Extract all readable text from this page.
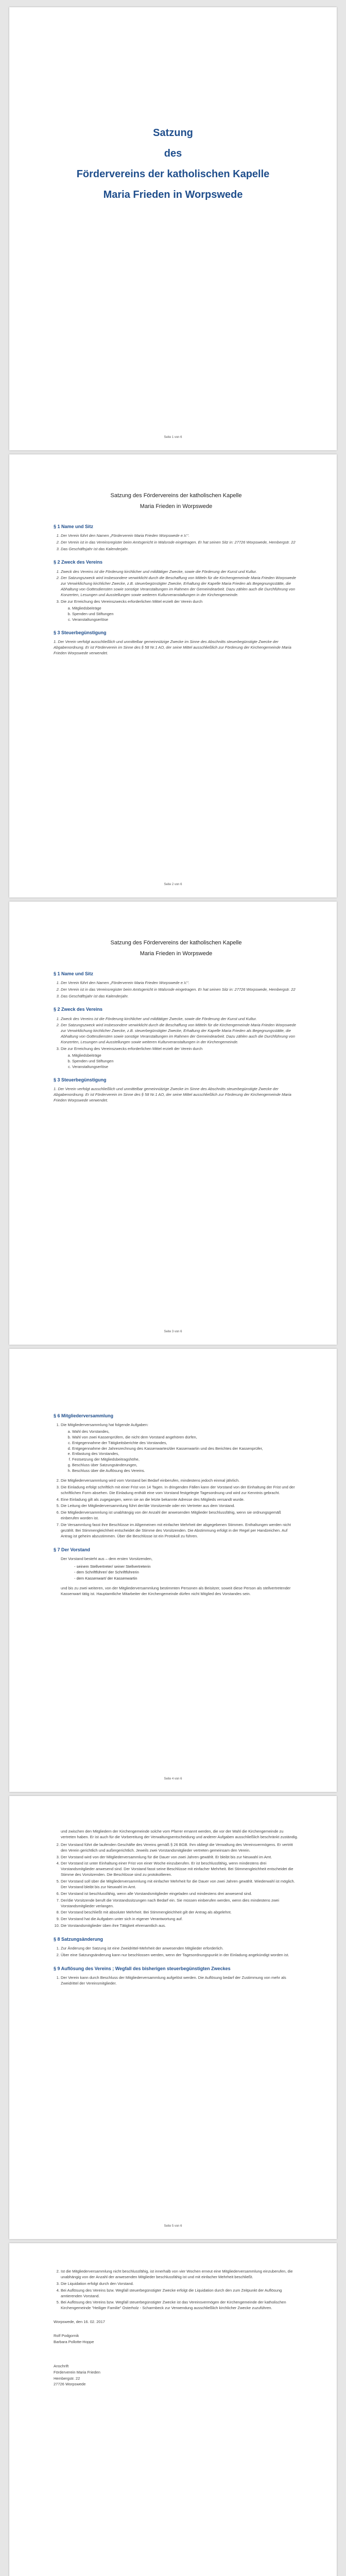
Satzung
des
Fördervereins der katholischen Kapelle
Maria Frieden in Worpswede
Seite 1 von 6
Satzung des Fördervereins der katholischen Kapelle
Maria Frieden in Worpswede
§ 1 Name und Sitz
1. Der Verein führt den Namen „Förderverein Maria Frieden Worpswede e.V.“.
2. Der Verein ist in das Vereinsregister beim Amtsgericht in Walsrode eingetragen. Er hat seinen Sitz in: 27726 Worpswede, Hembergstr. 22
3. Das Geschäftsjahr ist das Kalenderjahr.
§ 2 Zweck des Vereins
1. Zweck des Vereins ist die Förderung kirchlicher und mildtätiger Zwecke, sowie die Förderung der Kunst und Kultur.
2. Der Satzungszweck wird insbesondere verwirklicht durch die Beschaffung von Mitteln für die Kirchengemeinde Maria Frieden Worpswede zur Verwirklichung kirchlicher Zwecke, z.B. steuerbegünstigter Zwecke, Erhaltung der Kapelle Maria Frieden als Begegnungsstätte, die Abhaltung von Gottesdiensten sowie sonstige Veranstaltungen im Rahmen der Gemeindearbeit. Dazu zählen auch die Durchführung von Konzerten, Lesungen und Ausstellungen sowie weiteren Kulturveranstaltungen in der Kirchengemeinde.
3. Die zur Erreichung des Vereinszwecks erforderlichen Mittel erzielt der Verein durch
a. Mitgliedsbeiträge
b. Spenden und Stiftungen
c. Veranstaltungserlöse
§ 3 Steuerbegünstigung
1. Der Verein verfolgt ausschließlich und unmittelbar gemeinnützige Zwecke im Sinne des Abschnitts steuerbegünstigte Zwecke der Abgabenordnung. Er ist Förderverein im Sinne des § 58 Nr.1 AO, der seine Mittel ausschließlich zur Förderung der Kirchengemeinde Maria Frieden Worpswede verwendet.
Seite 2 von 6
Satzung des Fördervereins der katholischen Kapelle
Maria Frieden in Worpswede
§ 1 Name und Sitz
1. Der Verein führt den Namen „Förderverein Maria Frieden Worpswede e.V.“.
2. Der Verein ist in das Vereinsregister beim Amtsgericht in Walsrode eingetragen. Er hat seinen Sitz in: 27726 Worpswede, Hembergstr. 22
3. Das Geschäftsjahr ist das Kalenderjahr.
§ 2 Zweck des Vereins
1. Zweck des Vereins ist die Förderung kirchlicher und mildtätiger Zwecke, sowie die Förderung der Kunst und Kultur.
2. Der Satzungszweck wird insbesondere verwirklicht durch die Beschaffung von Mitteln für die Kirchengemeinde Maria Frieden Worpswede zur Verwirklichung kirchlicher Zwecke, z.B. steuerbegünstigter Zwecke, Erhaltung der Kapelle Maria Frieden als Begegnungsstätte, die Abhaltung von Gottesdiensten sowie sonstige Veranstaltungen im Rahmen der Gemeindearbeit. Dazu zählen auch die Durchführung von Konzerten, Lesungen und Ausstellungen sowie weiteren Kulturveranstaltungen in der Kirchengemeinde.
3. Die zur Erreichung des Vereinszwecks erforderlichen Mittel erzielt der Verein durch
a. Mitgliedsbeiträge
b. Spenden und Stiftungen
c. Veranstaltungserlöse
§ 3 Steuerbegünstigung
1. Der Verein verfolgt ausschließlich und unmittelbar gemeinnützige Zwecke im Sinne des Abschnitts steuerbegünstigte Zwecke der Abgabenordnung. Er ist Förderverein im Sinne des § 58 Nr.1 AO, der seine Mittel ausschließlich zur Förderung der Kirchengemeinde Maria Frieden Worpswede verwendet.
Seite 3 von 6
§ 6 Mitgliederversammlung
1. Die Mitgliederversammlung hat folgende Aufgaben:
a. Wahl des Vorstandes,
b. Wahl von zwei Kassenprüfern, die nicht dem Vorstand angehören dürfen,
c. Entgegennahme der Tätigkeitsberichte des Vorstandes,
d. Entgegennahme der Jahresrechnung des Kassenwartes/der Kassenwartin und des Berichtes der Kassenprüfer,
e. Entlastung des Vorstandes,
f. Festsetzung der Mitgliedsbeitragshöhe,
g. Beschluss über Satzungsänderungen,
h. Beschluss über die Auflösung des Vereins.
2. Die Mitgliederversammlung wird vom Vorstand bei Bedarf einberufen, mindestens jedoch einmal jährlich.
3. Die Einladung erfolgt schriftlich mit einer Frist von 14 Tagen. In dringenden Fällen kann der Vorstand von der Einhaltung der Frist und der schriftlichen Form absehen. Die Einladung enthält eine vom Vorstand festgelegte Tagesordnung und wird zur Kenntnis gebracht.
4. Eine Einladung gilt als zugegangen, wenn sie an die letzte bekannte Adresse des Mitglieds versandt wurde.
5. Die Leitung der Mitgliederversammlung führt der/die Vorsitzende oder ein Vertreter aus dem Vorstand.
6. Die Mitgliederversammlung ist unabhängig von der Anzahl der anwesenden Mitglieder beschlussfähig, wenn sie ordnungsgemäß einberufen worden ist.
7. Die Versammlung fasst ihre Beschlüsse im Allgemeinen mit einfacher Mehrheit der abgegebenen Stimmen. Enthaltungen werden nicht gezählt. Bei Stimmengleichheit entscheidet die Stimme des Vorsitzenden. Die Abstimmung erfolgt in der Regel per Handzeichen. Auf Antrag ist geheim abzustimmen. Über die Beschlüsse ist ein Protokoll zu führen.
§ 7 Der Vorstand
Der Vorstand besteht aus – dem ersten Vorsitzenden,
- seinem Stellvertreter/ seiner Stellvertreterin
- dem Schriftführer/ der Schriftführerin
- dem Kassenwart/ der Kassenwartin
und bis zu zwei weiteren, von der Mitgliederversammlung bestimmten Personen als Beisitzer, soweit diese Person als stellvertretender Kassenwart tätig ist. Hauptamtliche Mitarbeiter der Kirchengemeinde dürfen nicht Mitglied des Vorstandes sein.
Seite 4 von 6
und zwischen den Mitgliedern der Kirchengemeinde solche vom Pfarrer ernannt werden, die vor der Wahl die Kirchengemeinde zu vertreten haben. Er ist auch für die Vorbereitung der Verwaltungsentscheidung und anderer Aufgaben ausschließlich beschränkt zuständig.
2. Der Vorstand führt die laufenden Geschäfte des Vereins gemäß § 26 BGB. Ihm obliegt die Verwaltung des Vereinsvermögens. Er vertritt den Verein gerichtlich und außergerichtlich. Jeweils zwei Vorstandsmitglieder vertreten gemeinsam den Verein.
3. Der Vorstand wird von der Mitgliederversammlung für die Dauer von zwei Jahren gewählt. Er bleibt bis zur Neuwahl im Amt.
4. Der Vorstand ist unter Einhaltung einer Frist von einer Woche einzuberufen. Er ist beschlussfähig, wenn mindestens drei Vorstandsmitglieder anwesend sind. Der Vorstand fasst seine Beschlüsse mit einfacher Mehrheit. Bei Stimmengleichheit entscheidet die Stimme des Vorsitzenden. Die Beschlüsse sind zu protokollieren.
5. Der Vorstand soll über die Mitgliederversammlung mit einfacher Mehrheit für die Dauer von zwei Jahren gewählt. Wiederwahl ist möglich. Der Vorstand bleibt bis zur Neuwahl im Amt.
6. Der Vorstand ist beschlussfähig, wenn alle Vorstandsmitglieder eingeladen und mindestens drei anwesend sind.
7. Der/die Vorsitzende beruft die Vorstandssitzungen nach Bedarf ein. Sie müssen einberufen werden, wenn dies mindestens zwei Vorstandsmitglieder verlangen.
8. Der Vorstand beschließt mit absoluter Mehrheit. Bei Stimmengleichheit gilt der Antrag als abgelehnt.
9. Der Vorstand hat die Aufgaben unter sich in eigener Verantwortung auf.
10. Die Vorstandsmitglieder üben ihre Tätigkeit ehrenamtlich aus.
§ 8 Satzungsänderung
1. Zur Änderung der Satzung ist eine Zweidrittel-Mehrheit der anwesenden Mitglieder erforderlich.
2. Über eine Satzungsänderung kann nur beschlossen werden, wenn der Tagesordnungspunkt in der Einladung angekündigt worden ist.
§ 9 Auflösung des Vereins ; Wegfall des bisherigen steuerbegünstigten Zweckes
1. Der Verein kann durch Beschluss der Mitgliederversammlung aufgelöst werden. Die Auflösung bedarf der Zustimmung von mehr als Zweidrittel der Vereinsmitglieder.
Seite 5 von 6
2. Ist die Mitgliederversammlung nicht beschlussfähig, ist innerhalb von vier Wochen erneut eine Mitgliederversammlung einzuberufen, die unabhängig von der Anzahl der anwesenden Mitglieder beschlussfähig ist und mit einfacher Mehrheit beschließt.
3. Die Liquidation erfolgt durch den Vorstand.
4. Bei Auflösung des Vereins bzw. Wegfall steuerbegünstigter Zwecke erfolgt die Liquidation durch den zum Zeitpunkt der Auflösung amtierenden Vorstand.
5. Bei Auflösung des Vereins bzw. Wegfall steuerbegünstigter Zwecke ist das Vereinsvermögen der Kirchengemeinde der katholischen Kirchengemeinde "Heiliger Familie" Osterholz - Scharmbeck zur Verwendung ausschließlich kirchlicher Zwecke zuzuführen.
Worpswede, den 16. 02. 2017
Rolf Podgornik
Barbara Pollotte-Hoppe
Anschrift
Förderverein Maria Frieden
Hembergstr. 22
27726 Worpswede
